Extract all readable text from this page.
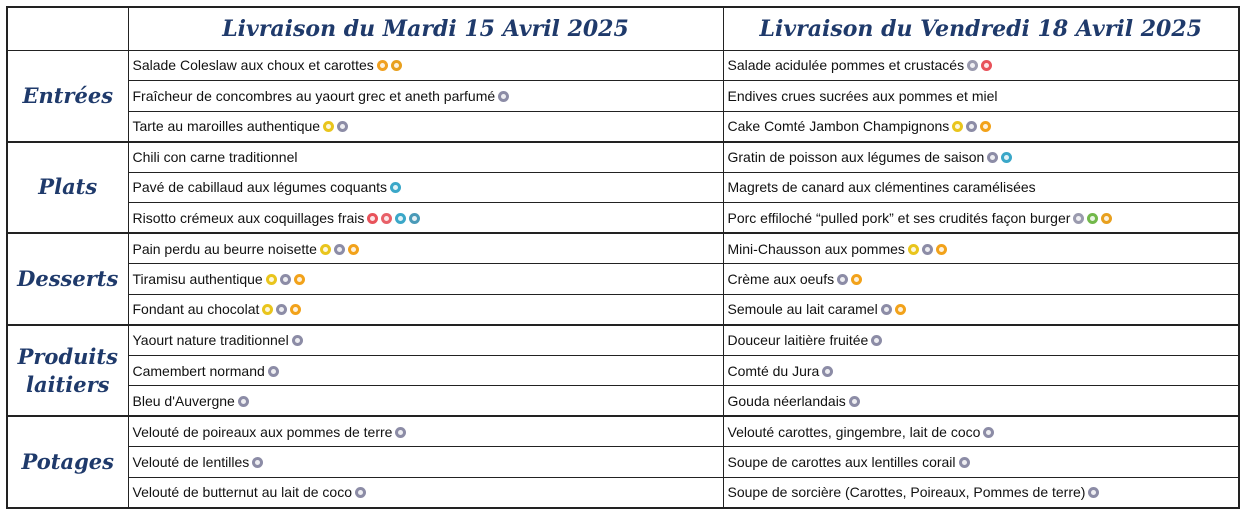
	Livraison du Mardi 15 Avril 2025	Livraison du Vendredi 18 Avril 2025
Entrées	Salade Coleslaw aux choux et carottes	Salade acidulée pommes et crustacés
	Fraîcheur de concombres au yaourt grec et aneth parfumé	Endives crues sucrées aux pommes et miel
	Tarte au maroilles authentique	Cake Comté Jambon Champignons
Plats	Chili con carne traditionnel	Gratin de poisson aux légumes de saison
	Pavé de cabillaud aux légumes coquants	Magrets de canard aux clémentines caramélisées
	Risotto crémeux aux coquillages frais	Porc effiloché “pulled pork” et ses crudités façon burger
Desserts	Pain perdu au beurre noisette	Mini-Chausson aux pommes
	Tiramisu authentique	Crème aux oeufs
	Fondant au chocolat	Semoule au lait caramel
Produits laitiers	Yaourt nature traditionnel	Douceur laitière fruitée
	Camembert normand	Comté du Jura
	Bleu d'Auvergne	Gouda néerlandais
Potages	Velouté de poireaux aux pommes de terre	Velouté carottes, gingembre, lait de coco
	Velouté de lentilles	Soupe de carottes aux lentilles corail
	Velouté de butternut au lait de coco	Soupe de sorcière (Carottes, Poireaux, Pommes de terre)
